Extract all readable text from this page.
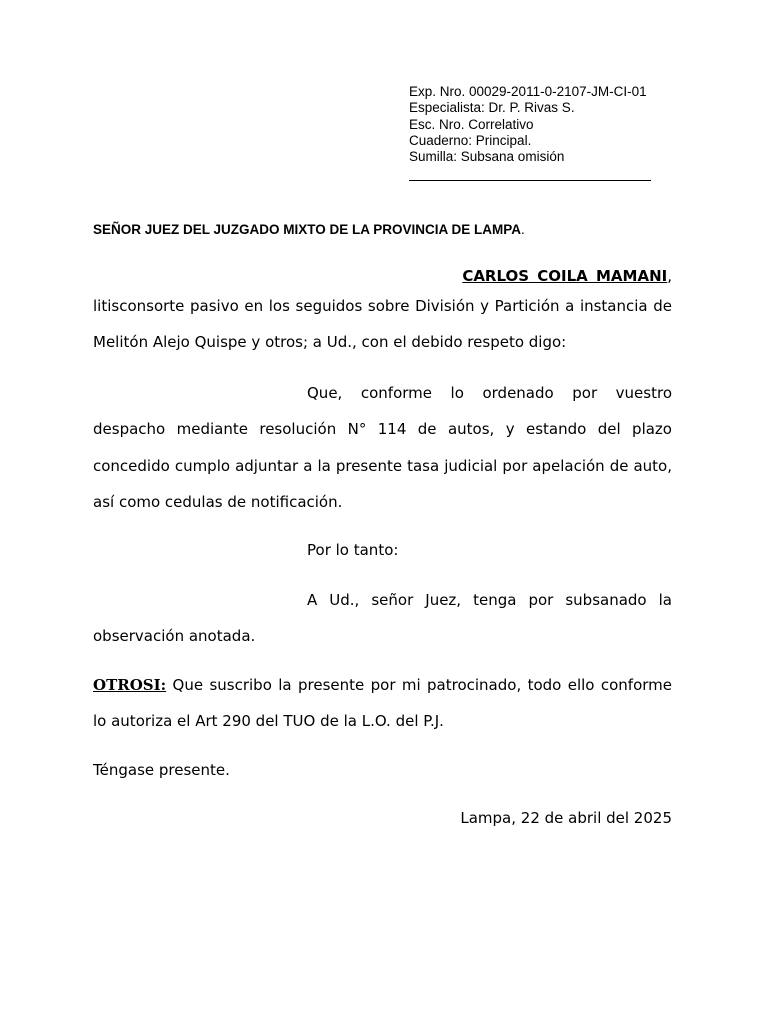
Exp. Nro. 00029-2011-0-2107-JM-CI-01
Especialista: Dr. P. Rivas S.
Esc. Nro. Correlativo
Cuaderno: Principal.
Sumilla: Subsana omisión
SEÑOR JUEZ DEL JUZGADO MIXTO DE LA PROVINCIA DE LAMPA.
CARLOS COILA MAMANI,
litisconsorte pasivo en los seguidos sobre División y Partición a instancia de Melitón Alejo Quispe y otros; a Ud., con el debido respeto digo:
Que, conforme lo ordenado por vuestro despacho mediante resolución N° 114 de autos, y estando del plazo concedido cumplo adjuntar a la presente tasa judicial por apelación de auto, así como cedulas de notificación.
Por lo tanto:
A Ud., señor Juez, tenga por subsanado la observación anotada.
OTROSI: Que suscribo la presente por mi patrocinado, todo ello conforme lo autoriza el Art 290 del TUO de la L.O. del P.J.
Téngase presente.
Lampa, 22 de abril del 2025
